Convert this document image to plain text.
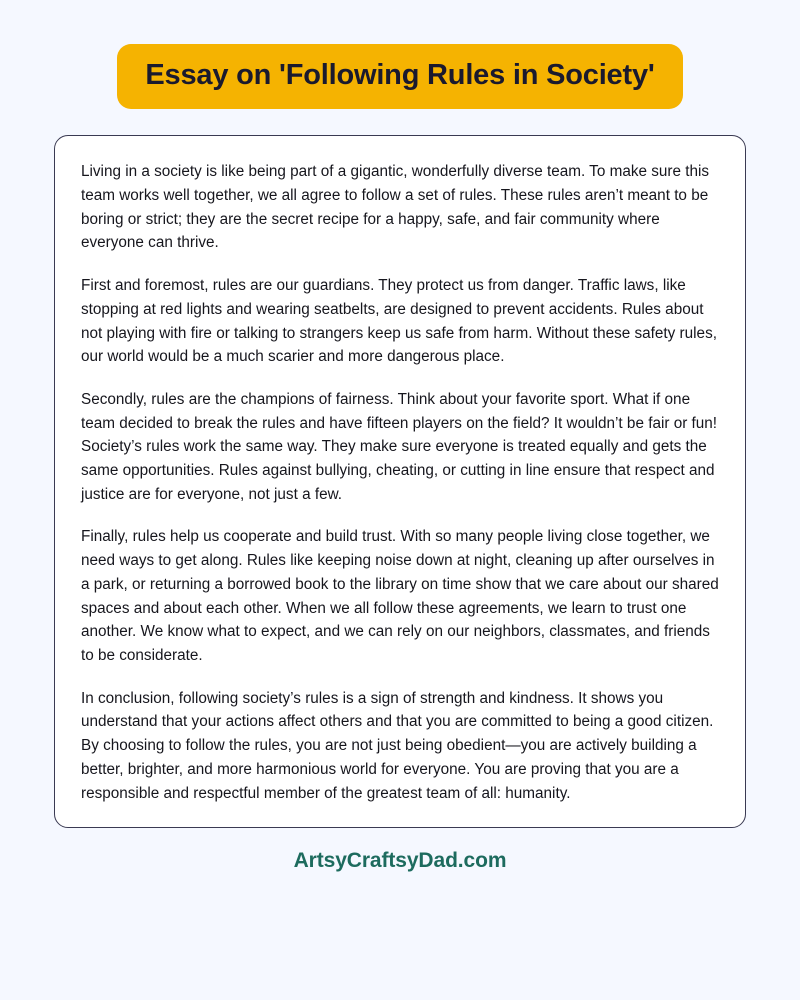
Essay on 'Following Rules in Society'

Living in a society is like being part of a gigantic, wonderfully diverse team. To make sure this team works well together, we all agree to follow a set of rules. These rules aren’t meant to be boring or strict; they are the secret recipe for a happy, safe, and fair community where everyone can thrive.

First and foremost, rules are our guardians. They protect us from danger. Traffic laws, like stopping at red lights and wearing seatbelts, are designed to prevent accidents. Rules about not playing with fire or talking to strangers keep us safe from harm. Without these safety rules, our world would be a much scarier and more dangerous place.

Secondly, rules are the champions of fairness. Think about your favorite sport. What if one team decided to break the rules and have fifteen players on the field? It wouldn’t be fair or fun! Society’s rules work the same way. They make sure everyone is treated equally and gets the same opportunities. Rules against bullying, cheating, or cutting in line ensure that respect and justice are for everyone, not just a few.

Finally, rules help us cooperate and build trust. With so many people living close together, we need ways to get along. Rules like keeping noise down at night, cleaning up after ourselves in a park, or returning a borrowed book to the library on time show that we care about our shared spaces and about each other. When we all follow these agreements, we learn to trust one another. We know what to expect, and we can rely on our neighbors, classmates, and friends to be considerate.

In conclusion, following society’s rules is a sign of strength and kindness. It shows you understand that your actions affect others and that you are committed to being a good citizen. By choosing to follow the rules, you are not just being obedient—you are actively building a better, brighter, and more harmonious world for everyone. You are proving that you are a responsible and respectful member of the greatest team of all: humanity.

ArtsyCraftsyDad.com
